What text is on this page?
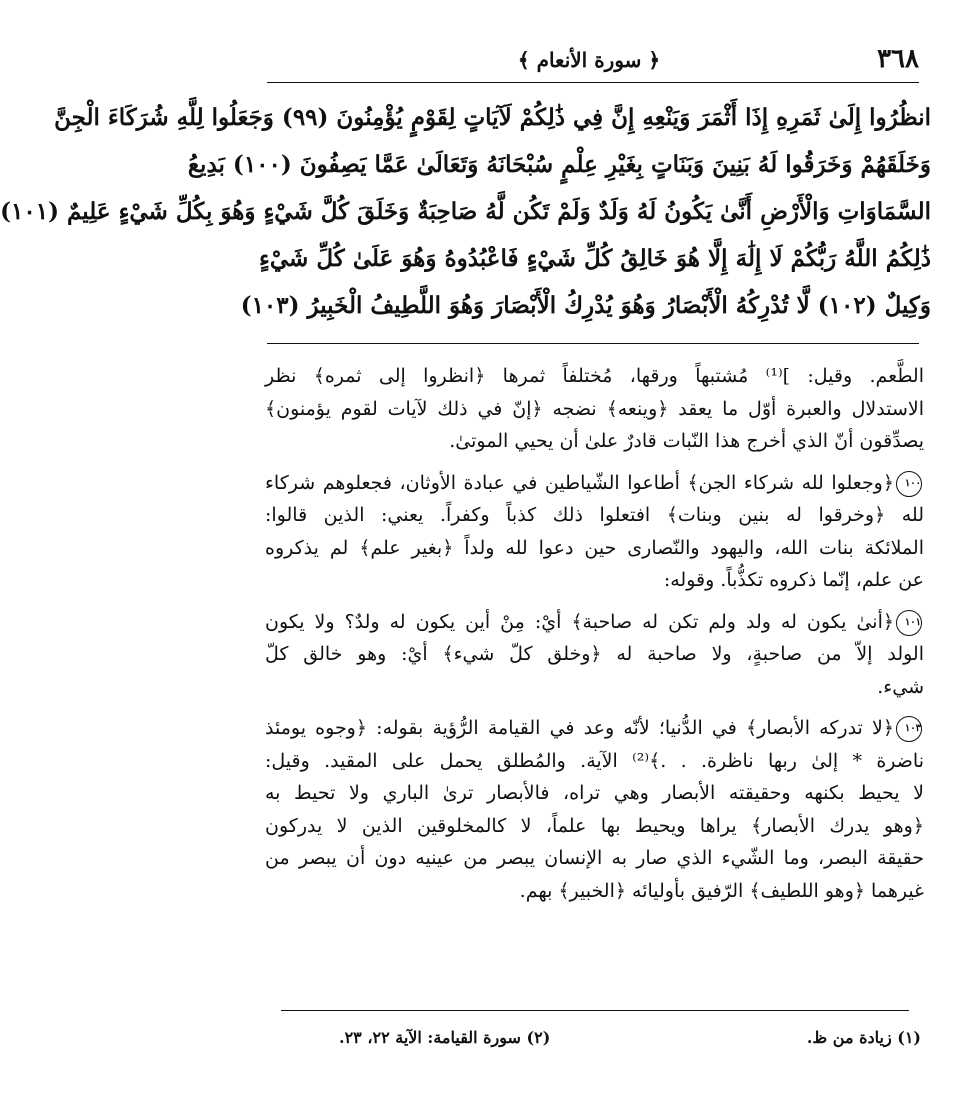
٣٦٨
﴿ سورة الأنعام ﴾
انظُرُوا إِلَىٰ ثَمَرِهِ إِذَا أَثْمَرَ وَيَنْعِهِ إِنَّ فِي ذَٰلِكُمْ لَآيَاتٍ لِقَوْمٍ يُؤْمِنُونَ (٩٩) وَجَعَلُوا لِلَّهِ شُرَكَاءَ الْجِنَّ
وَخَلَقَهُمْ وَخَرَقُوا لَهُ بَنِينَ وَبَنَاتٍ بِغَيْرِ عِلْمٍ سُبْحَانَهُ وَتَعَالَىٰ عَمَّا يَصِفُونَ (١٠٠) بَدِيعُ
السَّمَاوَاتِ وَالْأَرْضِ أَنَّىٰ يَكُونُ لَهُ وَلَدٌ وَلَمْ تَكُن لَّهُ صَاحِبَةٌ وَخَلَقَ كُلَّ شَيْءٍ وَهُوَ بِكُلِّ شَيْءٍ عَلِيمٌ (١٠١)
ذَٰلِكُمُ اللَّهُ رَبُّكُمْ لَا إِلَٰهَ إِلَّا هُوَ خَالِقُ كُلِّ شَيْءٍ فَاعْبُدُوهُ وَهُوَ عَلَىٰ كُلِّ شَيْءٍ
وَكِيلٌ (١٠٢) لَّا تُدْرِكُهُ الْأَبْصَارُ وَهُوَ يُدْرِكُ الْأَبْصَارَ وَهُوَ اللَّطِيفُ الْخَبِيرُ (١٠٣)
الطَّعم. وقيل: ]⁽¹⁾ مُشتبهاً ورقها، مُختلفاً ثمرها ﴿انظروا إلى ثمره﴾ نظر
الاستدلال والعبرة أوّل ما يعقد ﴿وينعه﴾ نضجه ﴿إنّ في ذلك لآيات لقوم يؤمنون﴾
يصدِّقون أنّ الذي أخرج هذا النّبات قادرٌ علىٰ أن يحيي الموتىٰ.
١٠٠﴿وجعلوا لله شركاء الجن﴾ أطاعوا الشّياطين في عبادة الأوثان، فجعلوهم شركاء
لله ﴿وخرقوا له بنين وبنات﴾ افتعلوا ذلك كذباً وكفراً. يعني: الذين قالوا:
الملائكة بنات الله، واليهود والنّصارى حين دعوا لله ولداً ﴿بغير علم﴾ لم يذكروه
عن علم، إنّما ذكروه تكذُّباً. وقوله:
١٠١﴿أنىٰ يكون له ولد ولم تكن له صاحبة﴾ أيْ: مِنْ أين يكون له ولدٌ؟ ولا يكون
الولد إلاّ من صاحبةٍ، ولا صاحبة له ﴿وخلق كلّ شيء﴾ أيْ: وهو خالق كلّ
شيء.
١٠٣﴿لا تدركه الأبصار﴾ في الدُّنيا؛ لأنّه وعد في القيامة الرُّؤية بقوله: ﴿وجوه يومئذ
ناضرة * إلىٰ ربها ناظرة. . .﴾⁽²⁾ الآية. والمُطلق يحمل على المقيد. وقيل:
لا يحيط بكنهه وحقيقته الأبصار وهي تراه، فالأبصار ترىٰ الباري ولا تحيط به
﴿وهو يدرك الأبصار﴾ يراها ويحيط بها علماً، لا كالمخلوقين الذين لا يدركون
حقيقة البصر، وما الشّيء الذي صار به الإنسان يبصر من عينيه دون أن يبصر من
غيرهما ﴿وهو اللطيف﴾ الرّفيق بأوليائه ﴿الخبير﴾ بهم.
(١) زيادة من ظ.
(٢) سورة القيامة: الآية ٢٢، ٢٣.
